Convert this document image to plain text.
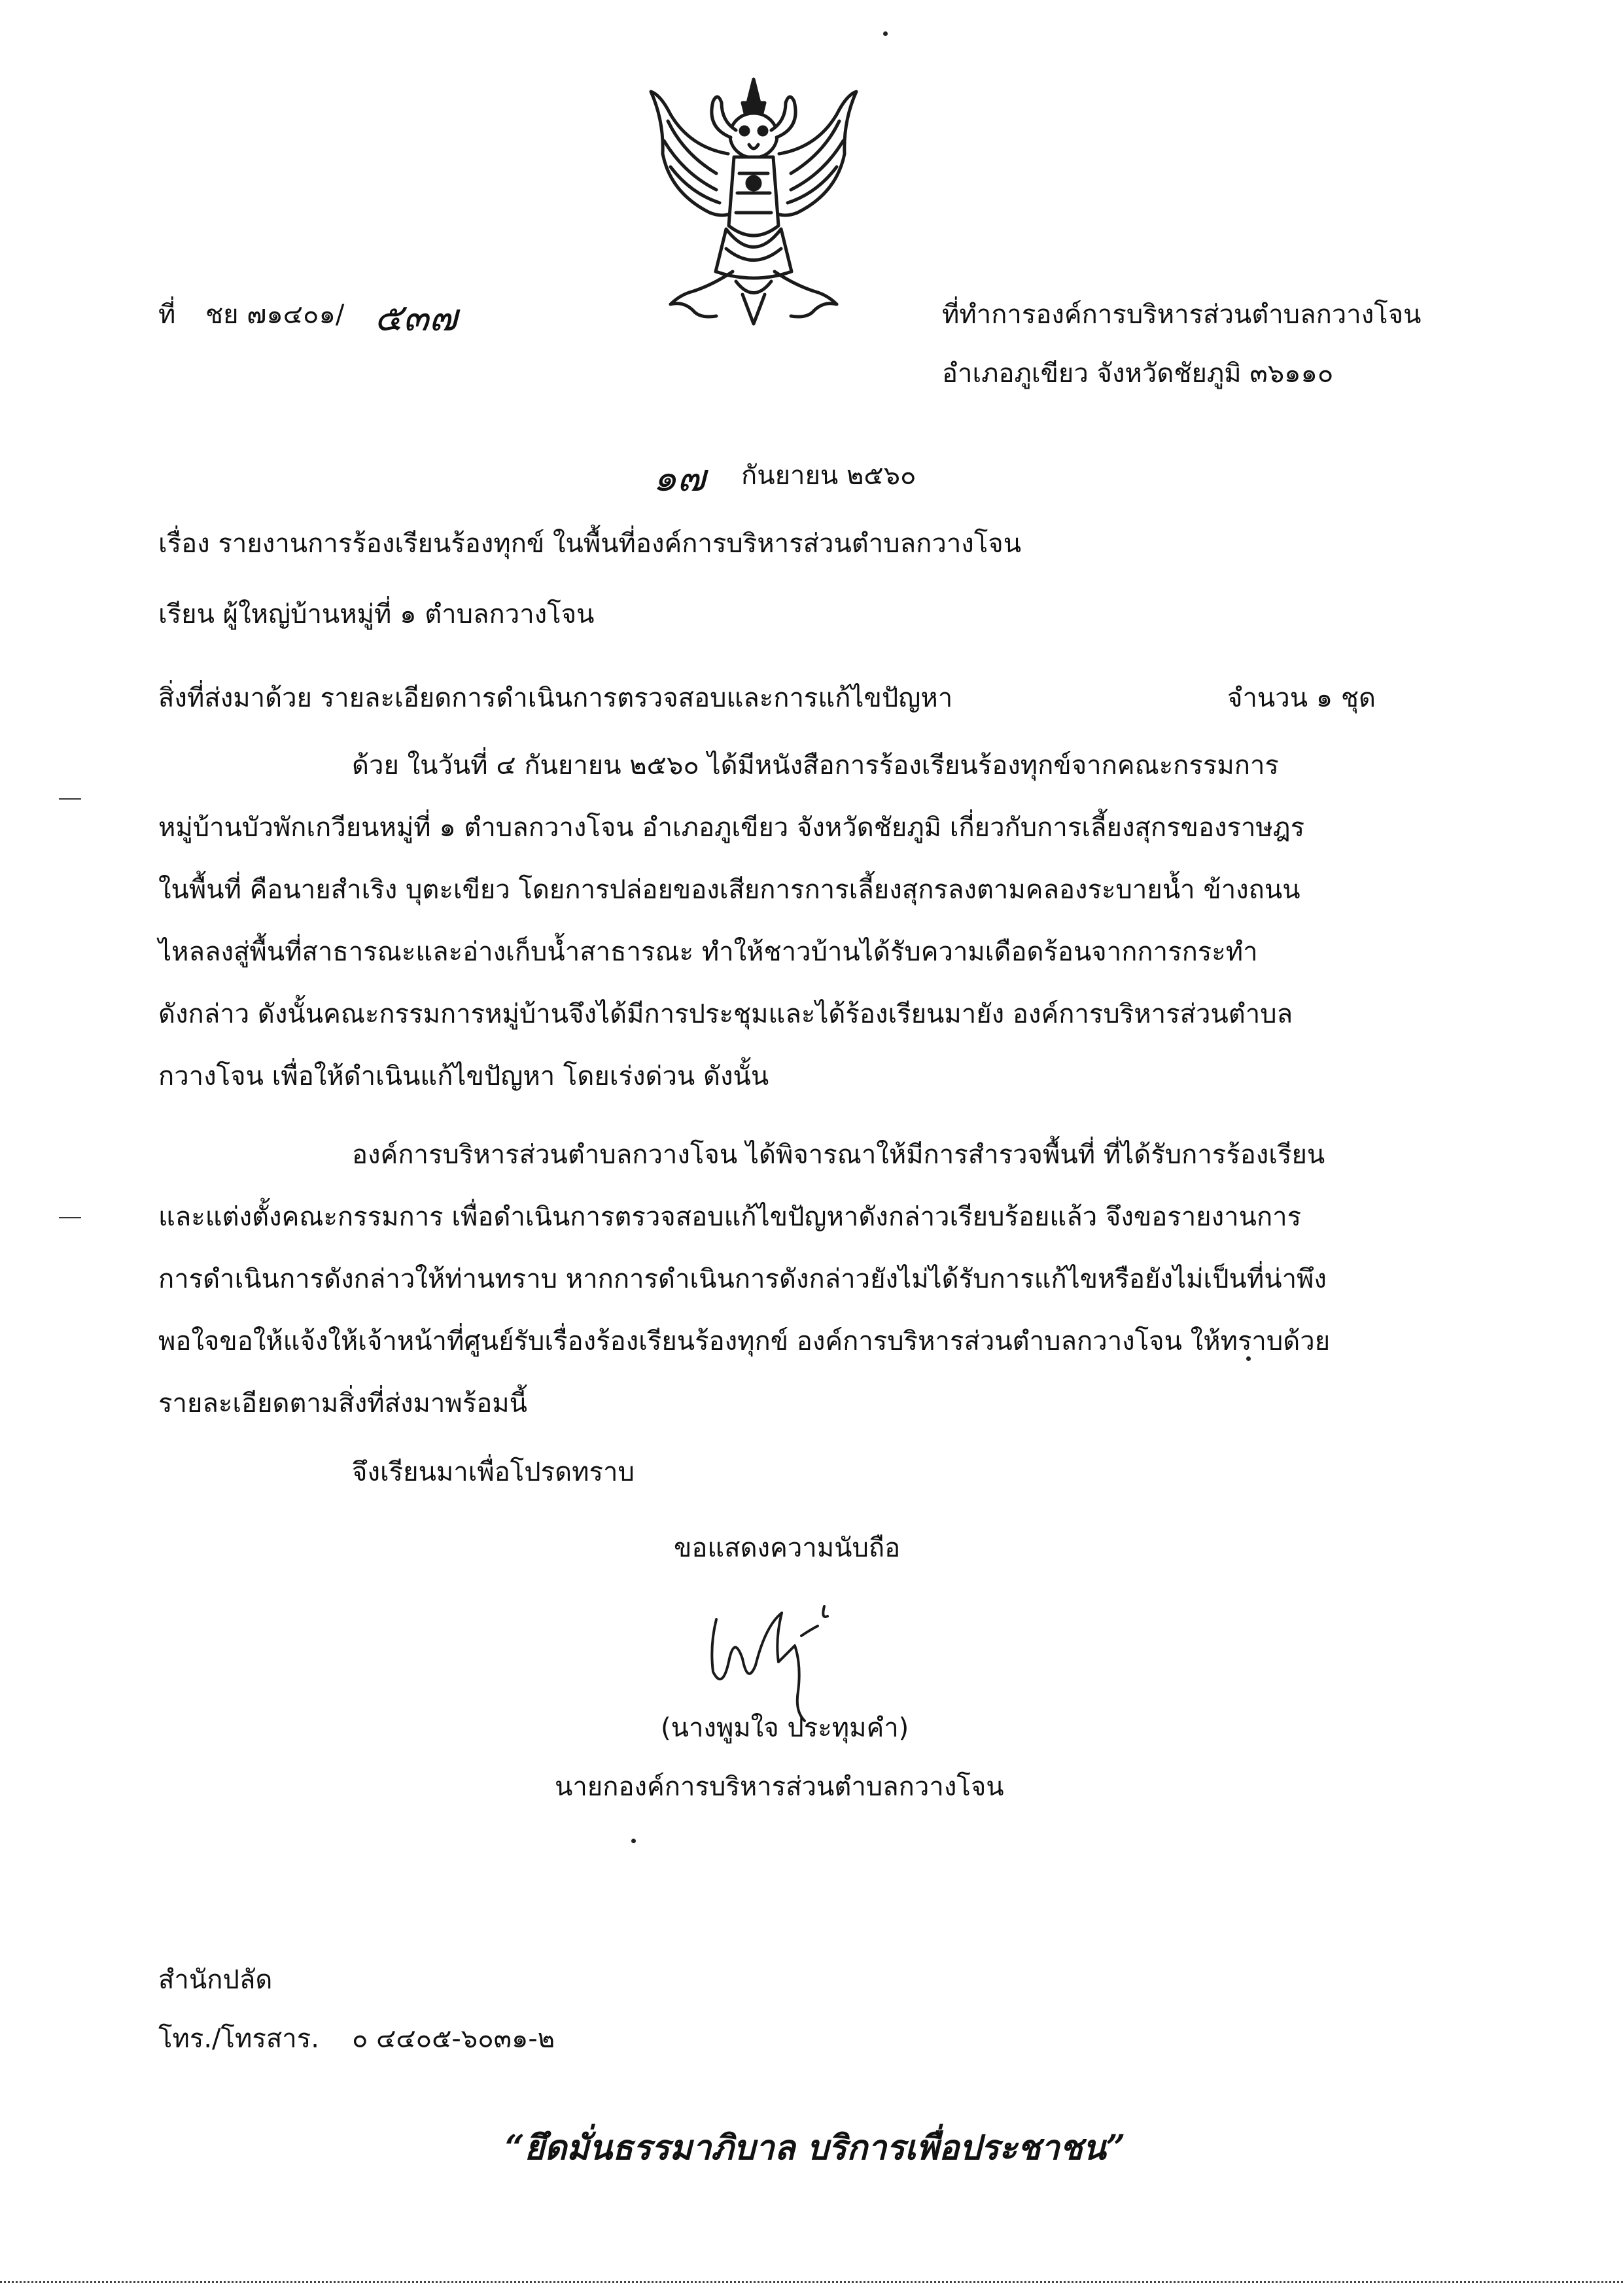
ที่ ชย ๗๑๔๐๑/ ๕๓๗	ที่ทำการองค์การบริหารส่วนตำบลกวางโจน
อำเภอภูเขียว จังหวัดชัยภูมิ ๓๖๑๑๐
๑๗ กันยายน ๒๕๖๐
เรื่อง รายงานการร้องเรียนร้องทุกข์ ในพื้นที่องค์การบริหารส่วนตำบลกวางโจน
เรียน ผู้ใหญ่บ้านหมู่ที่ ๑ ตำบลกวางโจน
สิ่งที่ส่งมาด้วย รายละเอียดการดำเนินการตรวจสอบและการแก้ไขปัญหา	จำนวน ๑ ชุด
ด้วย ในวันที่ ๔ กันยายน ๒๕๖๐ ได้มีหนังสือการร้องเรียนร้องทุกข์จากคณะกรรมการ
หมู่บ้านบัวพักเกวียนหมู่ที่ ๑ ตำบลกวางโจน อำเภอภูเขียว จังหวัดชัยภูมิ เกี่ยวกับการเลี้ยงสุกรของราษฎร
ในพื้นที่ คือนายสำเริง บุตะเขียว โดยการปล่อยของเสียการการเลี้ยงสุกรลงตามคลองระบายน้ำ ข้างถนน
ไหลลงสู่พื้นที่สาธารณะและอ่างเก็บน้ำสาธารณะ ทำให้ชาวบ้านได้รับความเดือดร้อนจากการกระทำ
ดังกล่าว ดังนั้นคณะกรรมการหมู่บ้านจึงได้มีการประชุมและได้ร้องเรียนมายัง องค์การบริหารส่วนตำบล
กวางโจน เพื่อให้ดำเนินแก้ไขปัญหา โดยเร่งด่วน ดังนั้น
องค์การบริหารส่วนตำบลกวางโจน ได้พิจารณาให้มีการสำรวจพื้นที่ ที่ได้รับการร้องเรียน
และแต่งตั้งคณะกรรมการ เพื่อดำเนินการตรวจสอบแก้ไขปัญหาดังกล่าวเรียบร้อยแล้ว จึงขอรายงานการ
การดำเนินการดังกล่าวให้ท่านทราบ หากการดำเนินการดังกล่าวยังไม่ได้รับการแก้ไขหรือยังไม่เป็นที่น่าพึง
พอใจขอให้แจ้งให้เจ้าหน้าที่ศูนย์รับเรื่องร้องเรียนร้องทุกข์ องค์การบริหารส่วนตำบลกวางโจน ให้ทราบด้วย
รายละเอียดตามสิ่งที่ส่งมาพร้อมนี้
จึงเรียนมาเพื่อโปรดทราบ
ขอแสดงความนับถือ
(นางพูมใจ ประทุมคำ)
นายกองค์การบริหารส่วนตำบลกวางโจน
สำนักปลัด
โทร./โทรสาร. ๐ ๔๔๐๕-๖๐๓๑-๒
“ยึดมั่นธรรมาภิบาล บริการเพื่อประชาชน”
